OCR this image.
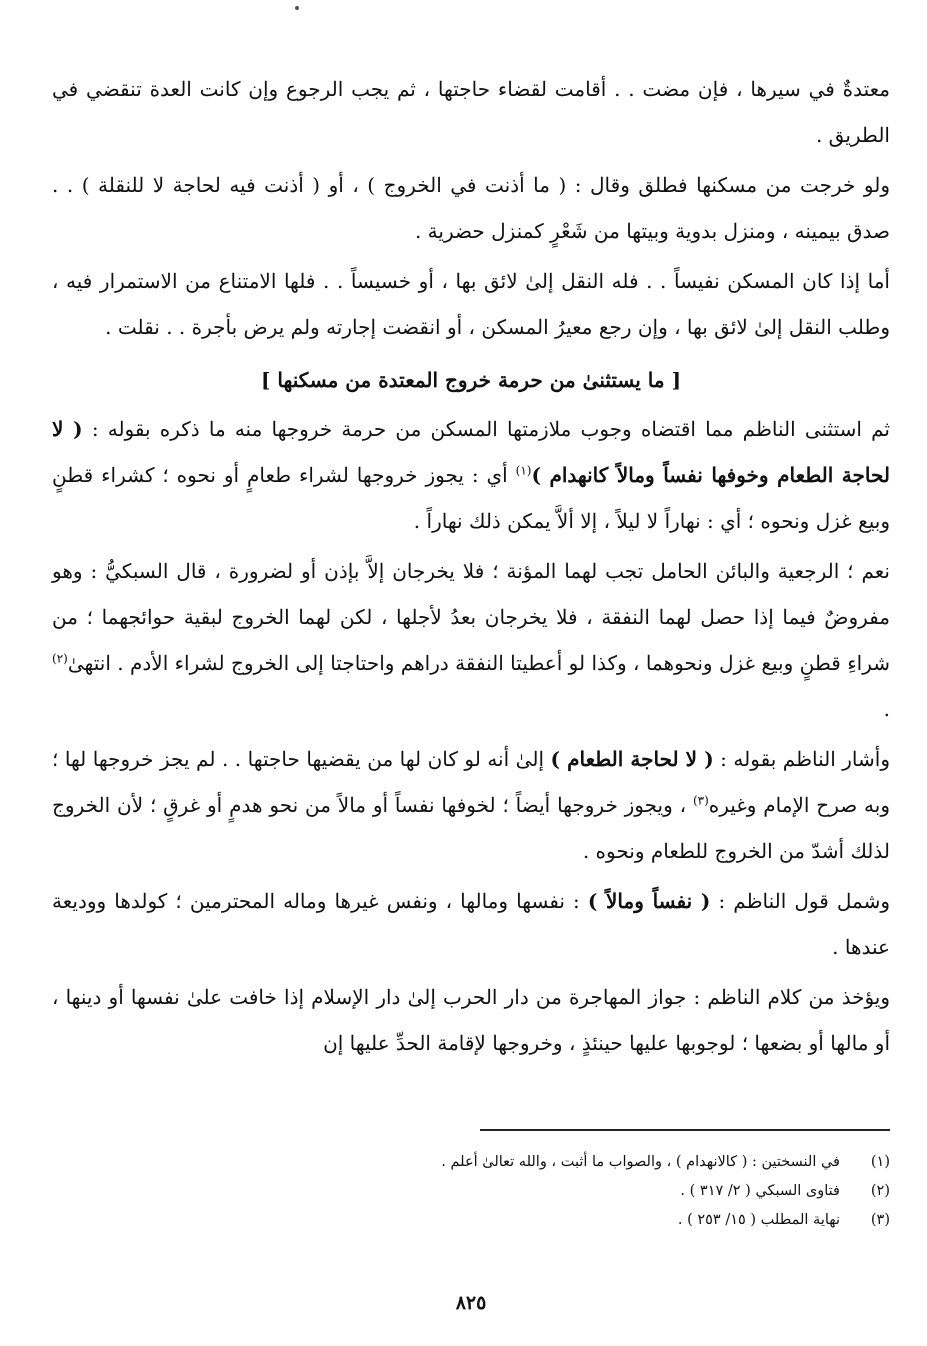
معتدةٌ في سيرها ، فإن مضت . . أقامت لقضاء حاجتها ، ثم يجب الرجوع وإن كانت العدة تنقضي في الطريق .

ولو خرجت من مسكنها فطلق وقال : ( ما أذنت في الخروج ) ، أو ( أذنت فيه لحاجة لا للنقلة ) . . صدق بيمينه ، ومنزل بدوية وبيتها من شَعْرٍ كمنزل حضرية .

أما إذا كان المسكن نفيساً . . فله النقل إلىٰ لائق بها ، أو خسيساً . . فلها الامتناع من الاستمرار فيه ، وطلب النقل إلىٰ لائق بها ، وإن رجع معيرُ المسكن ، أو انقضت إجارته ولم يرض بأجرة . . نقلت .

[ ما يستثنىٰ من حرمة خروج المعتدة من مسكنها ]

ثم استثنى الناظم مما اقتضاه وجوب ملازمتها المسكن من حرمة خروجها منه ما ذكره بقوله : ( لا لحاجة الطعام وخوفها نفساً ومالاً كانهدام )$^{(١)}$ أي : يجوز خروجها لشراء طعامٍ أو نحوه ؛ كشراء قطنٍ وبيع غزل ونحوه ؛ أي : نهاراً لا ليلاً ، إلا ألاَّ يمكن ذلك نهاراً .

نعم ؛ الرجعية والبائن الحامل تجب لهما المؤنة ؛ فلا يخرجان إلاَّ بإذن أو لضرورة ، قال السبكيُّ : وهو مفروضٌ فيما إذا حصل لهما النفقة ، فلا يخرجان بعدُ لأجلها ، لكن لهما الخروج لبقية حوائجهما ؛ من شراءِ قطنٍ وبيع غزل ونحوهما ، وكذا لو أعطيتا النفقة دراهم واحتاجتا إلى الخروج لشراء الأدم . انتهىٰ$^{(٢)}$ .

وأشار الناظم بقوله : ( لا لحاجة الطعام ) إلىٰ أنه لو كان لها من يقضيها حاجتها . . لم يجز خروجها لها ؛ وبه صرح الإمام وغيره$^{(٣)}$ ، ويجوز خروجها أيضاً ؛ لخوفها نفساً أو مالاً من نحو هدمٍ أو غرقٍ ؛ لأن الخروج لذلك أشدّ من الخروج للطعام ونحوه .

وشمل قول الناظم : ( نفساً ومالاً ) : نفسها ومالها ، ونفس غيرها وماله المحترمين ؛ كولدها ووديعة عندها .

ويؤخذ من كلام الناظم : جواز المهاجرة من دار الحرب إلىٰ دار الإسلام إذا خافت علىٰ نفسها أو دينها ، أو مالها أو بضعها ؛ لوجوبها عليها حينئذٍ ، وخروجها لإقامة الحدِّ عليها إن

(١)
في النسختين : ( كالانهدام ) ، والصواب ما أثبت ، والله تعالىٰ أعلم .
(٢)
فتاوى السبكي ( ٢/ ٣١٧ ) .
(٣)
نهاية المطلب ( ١٥/ ٢٥٣ ) .
٨٢٥
